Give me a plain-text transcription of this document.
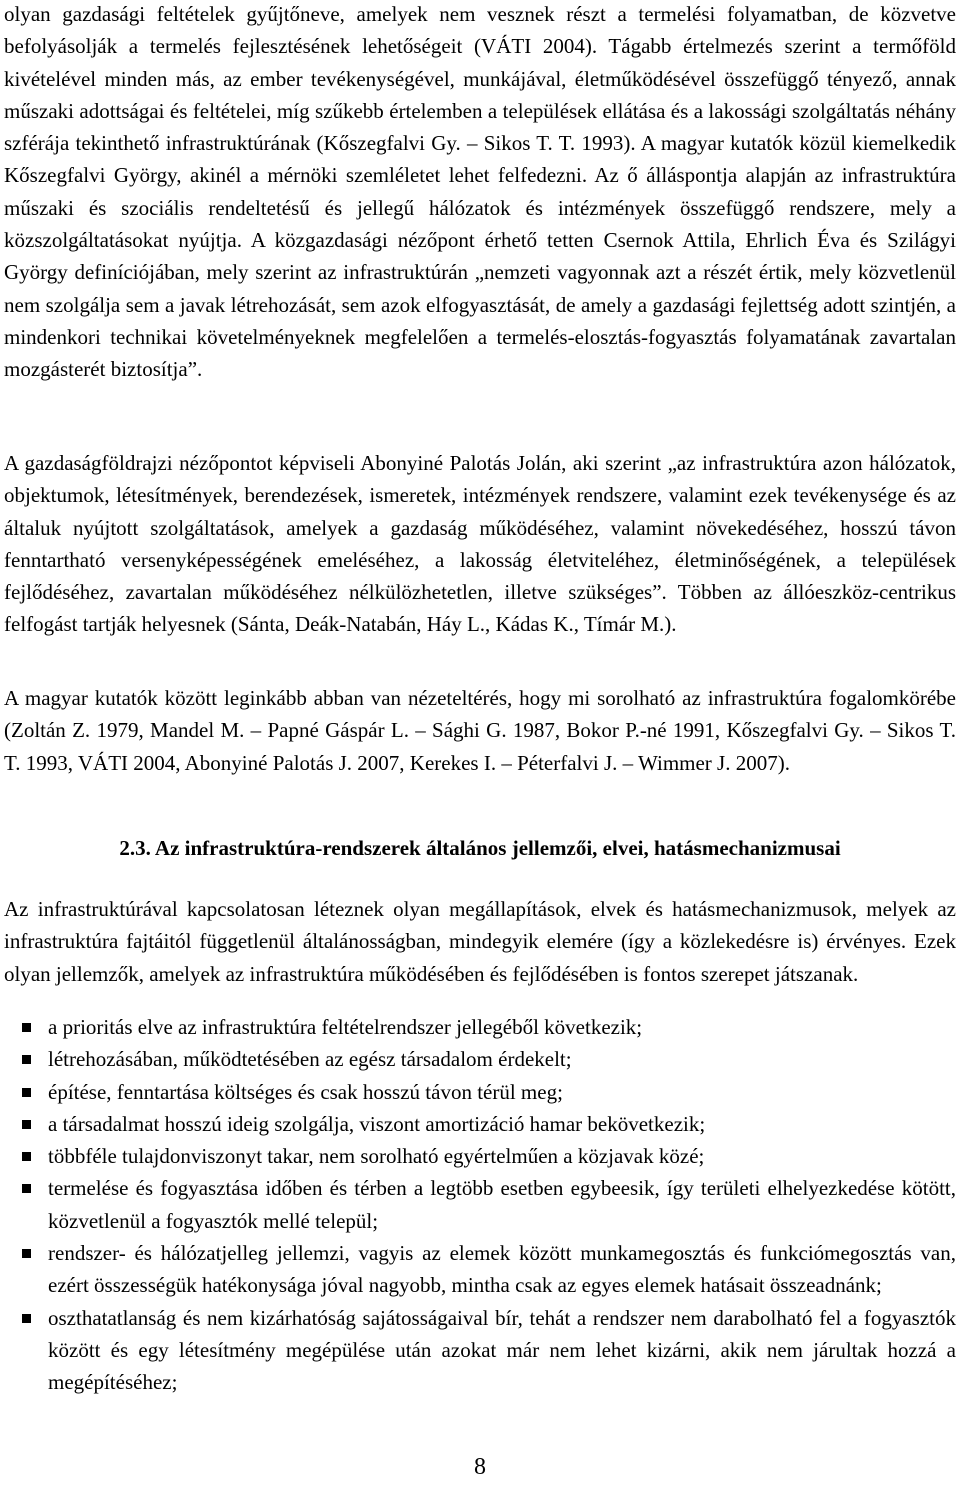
olyan gazdasági feltételek gyűjtőneve, amelyek nem vesznek részt a termelési folyamatban, de közvetve befolyásolják a termelés fejlesztésének lehetőségeit (VÁTI 2004). Tágabb értelmezés szerint a termőföld kivételével minden más, az ember tevékenységével, munkájával, életműködésével összefüggő tényező, annak műszaki adottságai és feltételei, míg szűkebb értelemben a települések ellátása és a lakossági szolgáltatás néhány szférája tekinthető infrastruktúrának (Kőszegfalvi Gy. – Sikos T. T. 1993). A magyar kutatók közül kiemelkedik Kőszegfalvi György, akinél a mérnöki szemléletet lehet felfedezni. Az ő álláspontja alapján az infrastruktúra műszaki és szociális rendeltetésű és jellegű hálózatok és intézmények összefüggő rendszere, mely a közszolgáltatásokat nyújtja. A közgazdasági nézőpont érhető tetten Csernok Attila, Ehrlich Éva és Szilágyi György definíciójában, mely szerint az infrastruktúrán „nemzeti vagyonnak azt a részét értik, mely közvetlenül nem szolgálja sem a javak létrehozását, sem azok elfogyasztását, de amely a gazdasági fejlettség adott szintjén, a mindenkori technikai követelményeknek megfelelően a termelés-elosztás-fogyasztás folyamatának zavartalan mozgásterét biztosítja”.

A gazdaságföldrajzi nézőpontot képviseli Abonyiné Palotás Jolán, aki szerint „az infrastruktúra azon hálózatok, objektumok, létesítmények, berendezések, ismeretek, intézmények rendszere, valamint ezek tevékenysége és az általuk nyújtott szolgáltatások, amelyek a gazdaság működéséhez, valamint növekedéséhez, hosszú távon fenntartható versenyképességének emeléséhez, a lakosság életviteléhez, életminőségének, a települések fejlődéséhez, zavartalan működéséhez nélkülözhetetlen, illetve szükséges”. Többen az állóeszköz-centrikus felfogást tartják helyesnek (Sánta, Deák-Natabán, Háy L., Kádas K., Tímár M.).

A magyar kutatók között leginkább abban van nézeteltérés, hogy mi sorolható az infrastruktúra fogalomkörébe (Zoltán Z. 1979, Mandel M. – Papné Gáspár L. – Sághi G. 1987, Bokor P.-né 1991, Kőszegfalvi Gy. – Sikos T. T. 1993, VÁTI 2004, Abonyiné Palotás J. 2007, Kerekes I. – Péterfalvi J. – Wimmer J. 2007).

2.3. Az infrastruktúra-rendszerek általános jellemzői, elvei, hatásmechanizmusai

Az infrastruktúrával kapcsolatosan léteznek olyan megállapítások, elvek és hatásmechanizmusok, melyek az infrastruktúra fajtáitól függetlenül általánosságban, mindegyik elemére (így a közlekedésre is) érvényes. Ezek olyan jellemzők, amelyek az infrastruktúra működésében és fejlődésében is fontos szerepet játszanak.

a prioritás elve az infrastruktúra feltételrendszer jellegéből következik;
létrehozásában, működtetésében az egész társadalom érdekelt;
építése, fenntartása költséges és csak hosszú távon térül meg;
a társadalmat hosszú ideig szolgálja, viszont amortizáció hamar bekövetkezik;
többféle tulajdonviszonyt takar, nem sorolható egyértelműen a közjavak közé;
termelése és fogyasztása időben és térben a legtöbb esetben egybeesik, így területi elhelyezkedése kötött, közvetlenül a fogyasztók mellé települ;
rendszer- és hálózatjelleg jellemzi, vagyis az elemek között munkamegosztás és funkciómegosztás van, ezért összességük hatékonysága jóval nagyobb, mintha csak az egyes elemek hatásait összeadnánk;
oszthatatlanság és nem kizárhatóság sajátosságaival bír, tehát a rendszer nem darabolható fel a fogyasztók között és egy létesítmény megépülése után azokat már nem lehet kizárni, akik nem járultak hozzá a megépítéséhez;
8
